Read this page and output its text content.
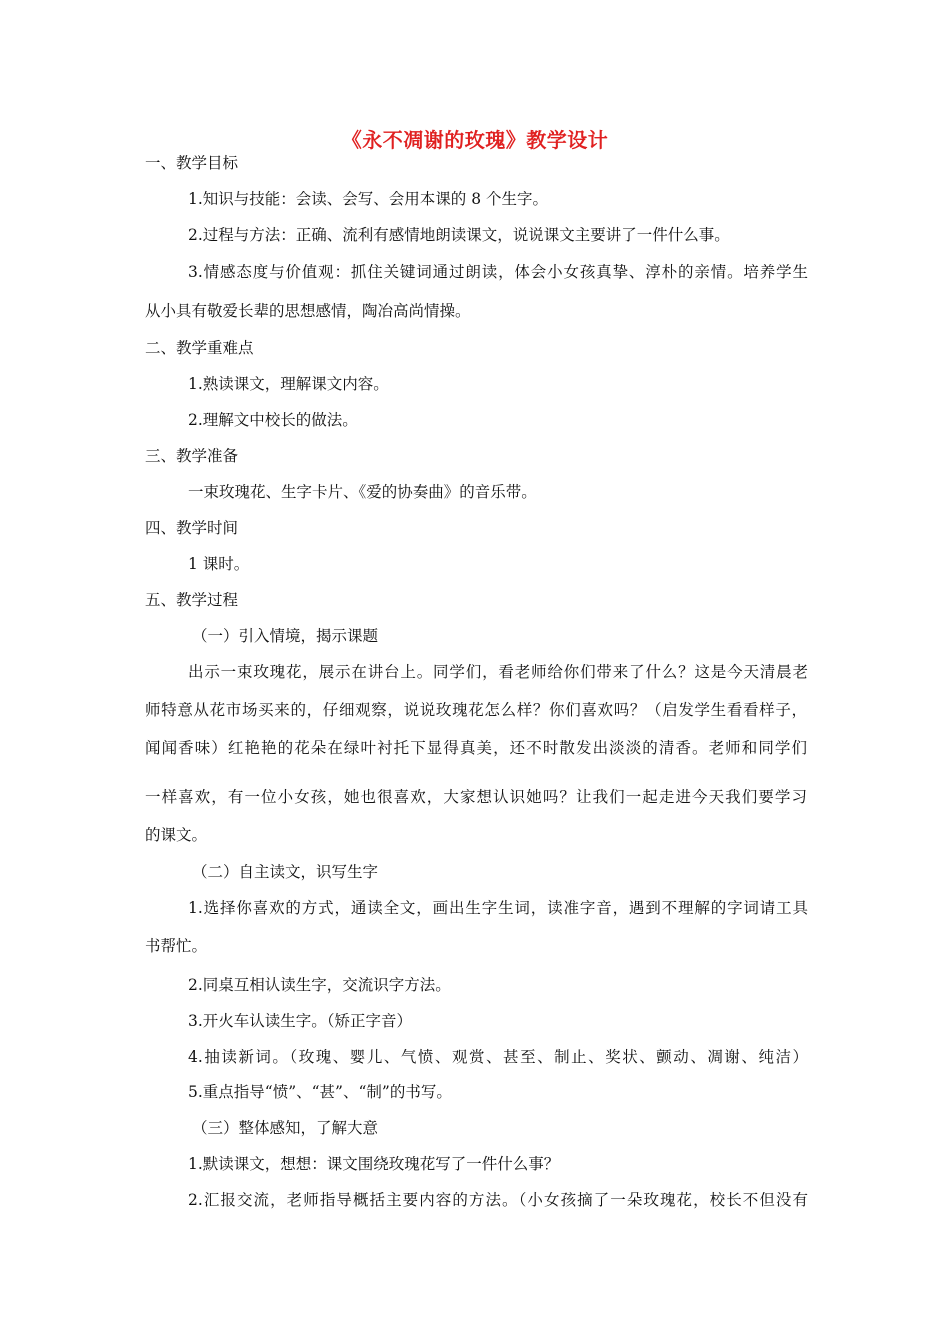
《永不凋谢的玫瑰》教学设计
一、教学目标
1.知识与技能：会读、会写、会用本课的 8 个生字。
2.过程与方法：正确、流利有感情地朗读课文，说说课文主要讲了一件什么事。
3.情感态度与价值观：抓住关键词通过朗读，体会小女孩真挚、淳朴的亲情。培养学生
从小具有敬爱长辈的思想感情，陶冶高尚情操。
二、教学重难点
1.熟读课文，理解课文内容。
2.理解文中校长的做法。
三、教学准备
一束玫瑰花、生字卡片、《爱的协奏曲》的音乐带。
四、教学时间
1 课时。
五、教学过程
（一）引入情境，揭示课题
出示一束玫瑰花，展示在讲台上。同学们，看老师给你们带来了什么？这是今天清晨老
师特意从花市场买来的，仔细观察，说说玫瑰花怎么样？你们喜欢吗？（启发学生看看样子，
闻闻香味）红艳艳的花朵在绿叶衬托下显得真美，还不时散发出淡淡的清香。老师和同学们
一样喜欢，有一位小女孩，她也很喜欢，大家想认识她吗？让我们一起走进今天我们要学习
的课文。
（二）自主读文，识写生字
1.选择你喜欢的方式，通读全文，画出生字生词，读准字音，遇到不理解的字词请工具
书帮忙。
2.同桌互相认读生字，交流识字方法。
3.开火车认读生字。（矫正字音）
4.抽读新词。（玫瑰、婴儿、气愤、观赏、甚至、制止、奖状、颤动、凋谢、纯洁）
5.重点指导“愤”、“甚”、“制”的书写。
（三）整体感知，了解大意
1.默读课文，想想：课文围绕玫瑰花写了一件什么事？
2.汇报交流，老师指导概括主要内容的方法。（小女孩摘了一朵玫瑰花，校长不但没有
